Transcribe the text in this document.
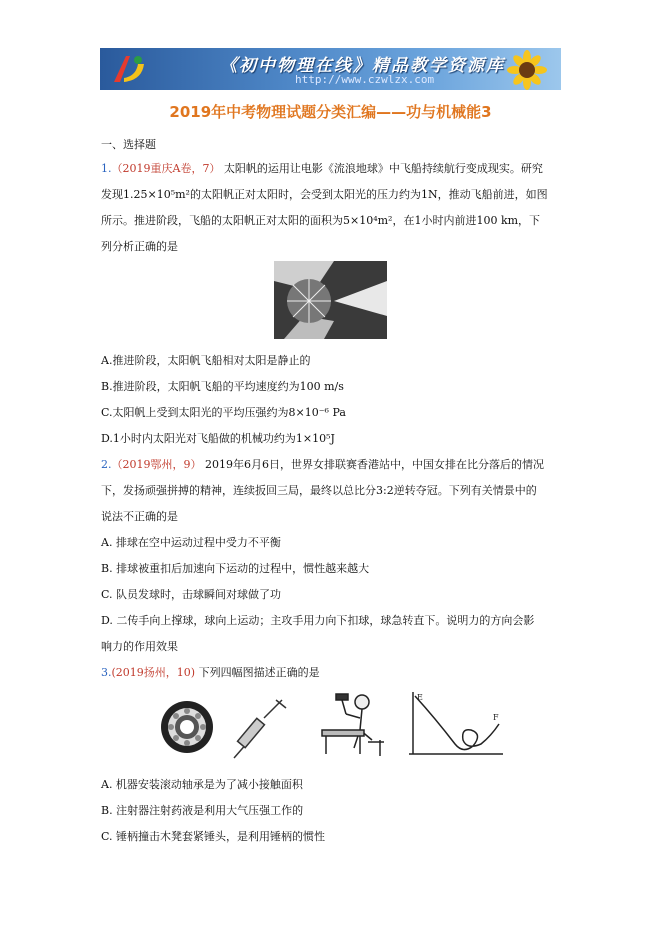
《初中物理在线》精品教学资源库
http://www.czwlzx.com
2019年中考物理试题分类汇编——功与机械能3
一、选择题
1.（2019重庆A卷，7） 太阳帆的运用让电影《流浪地球》中飞船持续航行变成现实。研究
发现1.25×10⁵m²的太阳帆正对太阳时，会受到太阳光的压力约为1N，推动飞船前进，如图
所示。推进阶段，飞船的太阳帆正对太阳的面积为5×10⁴m²，在1小时内前进100 km，下
列分析正确的是
A.推进阶段，太阳帆飞船相对太阳是静止的
B.推进阶段，太阳帆飞船的平均速度约为100 m/s
C.太阳帆上受到太阳光的平均压强约为8×10⁻⁶ Pa
D.1小时内太阳光对飞船做的机械功约为1×10⁵J
2.（2019鄂州，9） 2019年6月6日，世界女排联赛香港站中，中国女排在比分落后的情况
下，发扬顽强拼搏的精神，连续扳回三局，最终以总比分3:2逆转夺冠。下列有关情景中的
说法不正确的是
A. 排球在空中运动过程中受力不平衡
B. 排球被重扣后加速向下运动的过程中，惯性越来越大
C. 队员发球时，击球瞬间对球做了功
D. 二传手向上撑球，球向上运动；主攻手用力向下扣球，球急转直下。说明力的方向会影
响力的作用效果
3.(2019扬州，10) 下列四幅图描述正确的是
E
F
A. 机器安装滚动轴承是为了减小接触面积
B. 注射器注射药液是利用大气压强工作的
C. 锤柄撞击木凳套紧锤头，是利用锤柄的惯性
